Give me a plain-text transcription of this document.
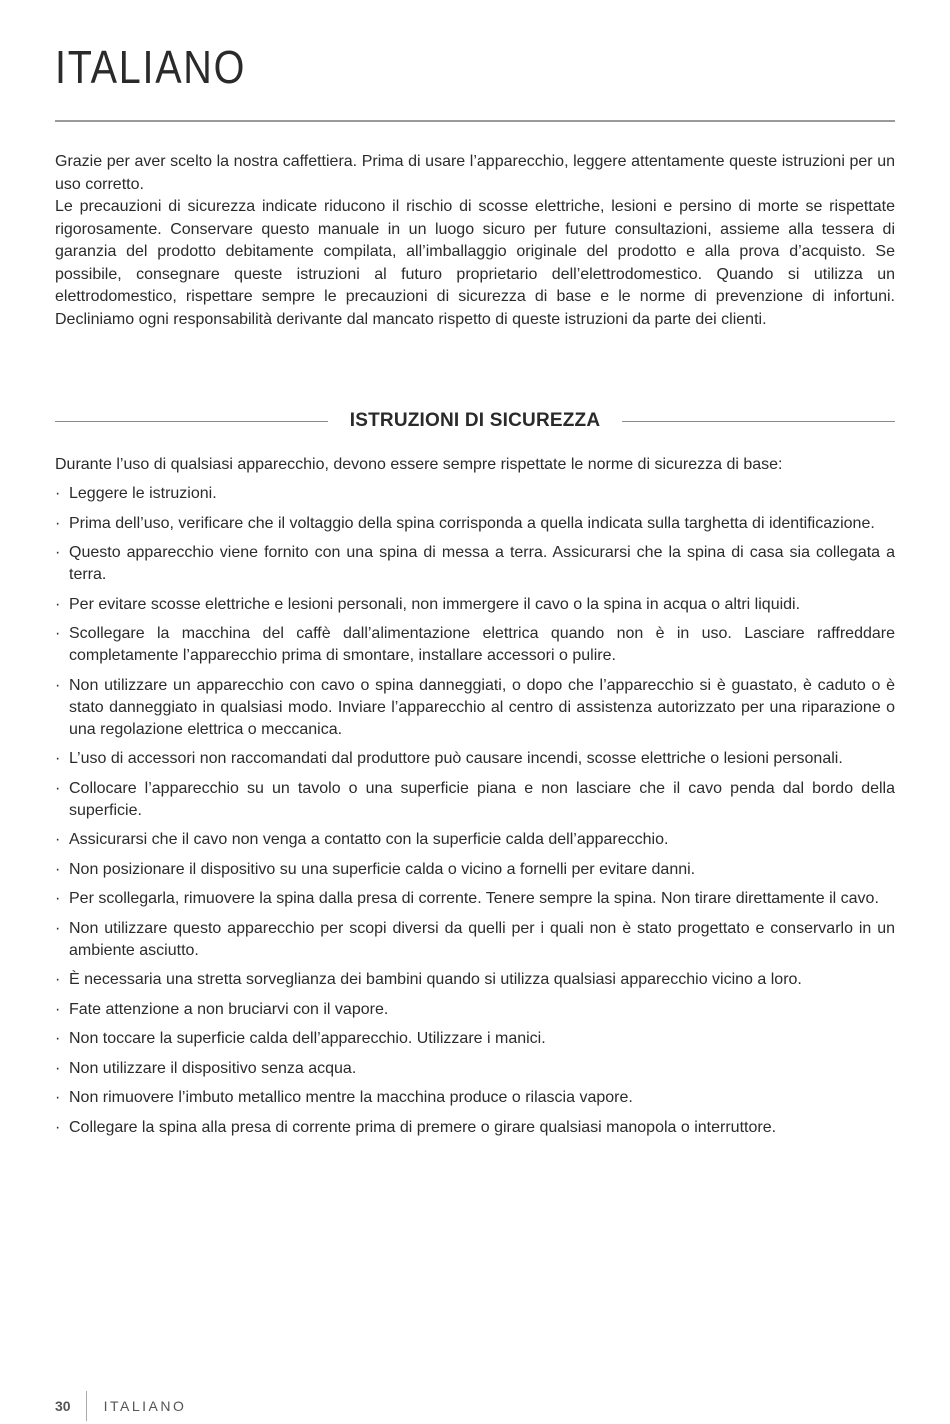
ITALIANO

Grazie per aver scelto la nostra caffettiera. Prima di usare l’apparecchio, leggere attentamente queste istruzioni per un uso corretto.

Le precauzioni di sicurezza indicate riducono il rischio di scosse elettriche, lesioni e persino di morte se rispettate rigorosamente. Conservare questo manuale in un luogo sicuro per future consultazioni, assieme alla tessera di garanzia del prodotto debitamente compilata, all’imballaggio originale del prodotto e alla prova d’acquisto. Se possibile, consegnare queste istruzioni al futuro proprietario dell’elettrodomestico. Quando si utilizza un elettrodomestico, rispettare sempre le precauzioni di sicurezza di base e le norme di prevenzione di infortuni. Decliniamo ogni responsabilità derivante dal mancato rispetto di queste istruzioni da parte dei clienti.

ISTRUZIONI DI SICUREZZA

Durante l’uso di qualsiasi apparecchio, devono essere sempre rispettate le norme di sicurezza di base:

· Leggere le istruzioni.
· Prima dell’uso, verificare che il voltaggio della spina corrisponda a quella indicata sulla targhetta di identificazione.
· Questo apparecchio viene fornito con una spina di messa a terra. Assicurarsi che la spina di casa sia collegata a terra.
· Per evitare scosse elettriche e lesioni personali, non immergere il cavo o la spina in acqua o altri liquidi.
· Scollegare la macchina del caffè dall’alimentazione elettrica quando non è in uso. Lasciare raffreddare completamente l’apparecchio prima di smontare, installare accessori o pulire.
· Non utilizzare un apparecchio con cavo o spina danneggiati, o dopo che l’apparecchio si è guastato, è caduto o è stato danneggiato in qualsiasi modo. Inviare l’apparecchio al centro di assistenza autorizzato per una riparazione o una regolazione elettrica o meccanica.
· L’uso di accessori non raccomandati dal produttore può causare incendi, scosse elettriche o lesioni personali.
· Collocare l’apparecchio su un tavolo o una superficie piana e non lasciare che il cavo penda dal bordo della superficie.
· Assicurarsi che il cavo non venga a contatto con la superficie calda dell’apparecchio.
· Non posizionare il dispositivo su una superficie calda o vicino a fornelli per evitare danni.
· Per scollegarla, rimuovere la spina dalla presa di corrente. Tenere sempre la spina. Non tirare direttamente il cavo.
· Non utilizzare questo apparecchio per scopi diversi da quelli per i quali non è stato progettato e conservarlo in un ambiente asciutto.
· È necessaria una stretta sorveglianza dei bambini quando si utilizza qualsiasi apparecchio vicino a loro.
· Fate attenzione a non bruciarvi con il vapore.
· Non toccare la superficie calda dell’apparecchio. Utilizzare i manici.
· Non utilizzare il dispositivo senza acqua.
· Non rimuovere l’imbuto metallico mentre la macchina produce o rilascia vapore.
· Collegare la spina alla presa di corrente prima di premere o girare qualsiasi manopola o interruttore.
30	ITALIANO
